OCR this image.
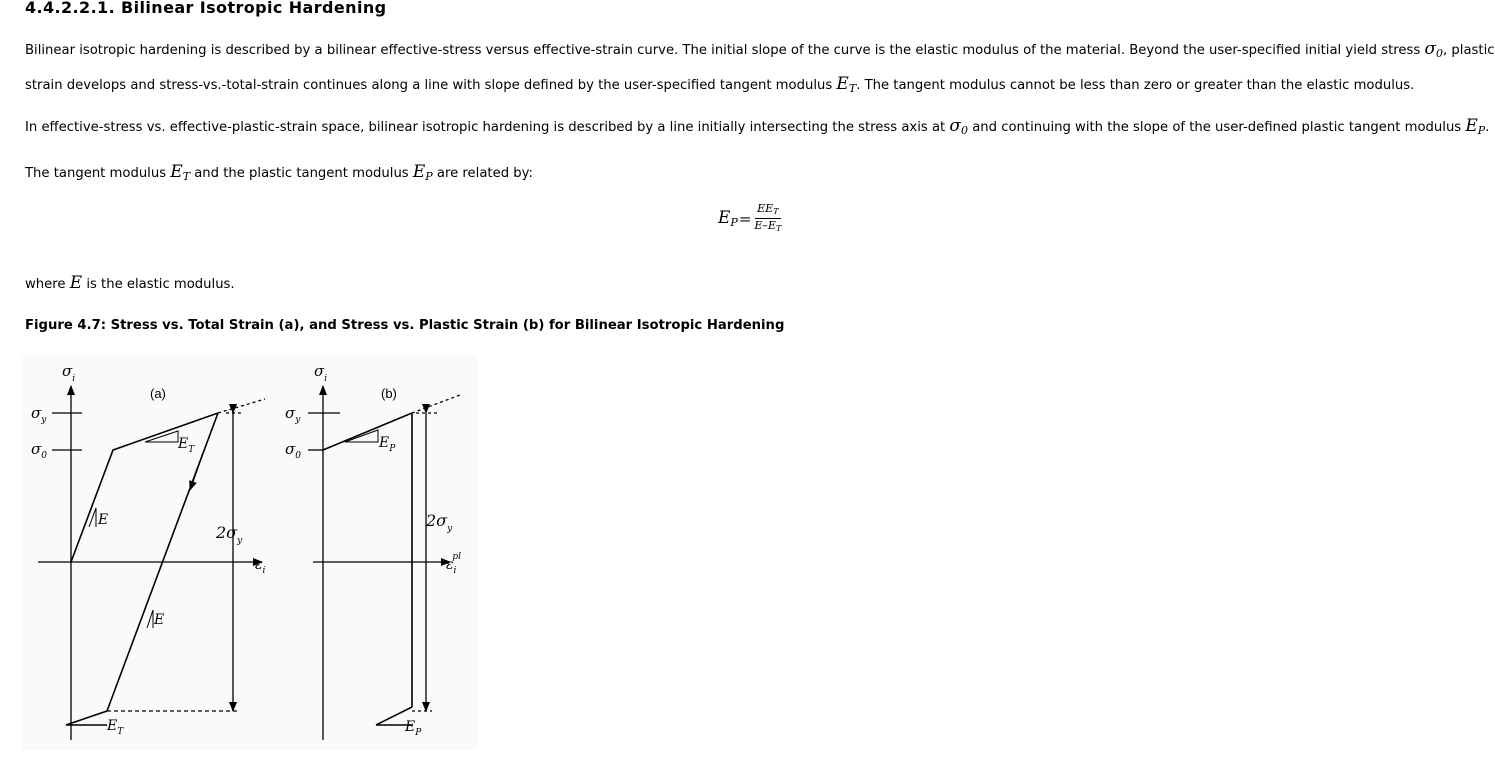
4.4.2.2.1. Bilinear Isotropic Hardening
Bilinear isotropic hardening is described by a bilinear effective-stress versus effective-strain curve. The initial slope of the curve is the elastic modulus of the material. Beyond the user-specified initial yield stress $\sigma_0$, plastic
strain develops and stress-vs.-total-strain continues along a line with slope defined by the user-specified tangent modulus $E_T$. The tangent modulus cannot be less than zero or greater than the elastic modulus.
In effective-stress vs. effective-plastic-strain space, bilinear isotropic hardening is described by a line initially intersecting the stress axis at $\sigma_0$ and continuing with the slope of the user-defined plastic tangent modulus $E_P$.
The tangent modulus $E_T$ and the plastic tangent modulus $E_P$ are related by:
$E_P = \frac{EE_T}{E-E_T}$
where E is the elastic modulus.
Figure 4.7: Stress vs. Total Strain (a), and Stress vs. Plastic Strain (b) for Bilinear Isotropic Hardening
$\sigma_i$
(a)
$\sigma_y$
$\sigma_0$
$E_T$
E
E
$2\sigma_y$
$\varepsilon_i$
$E_T$
$\sigma_i$
(b)
$\sigma_y$
$\sigma_0$
$E_P$
$2\sigma_y$
$\varepsilon_ipl$
$E_P$
